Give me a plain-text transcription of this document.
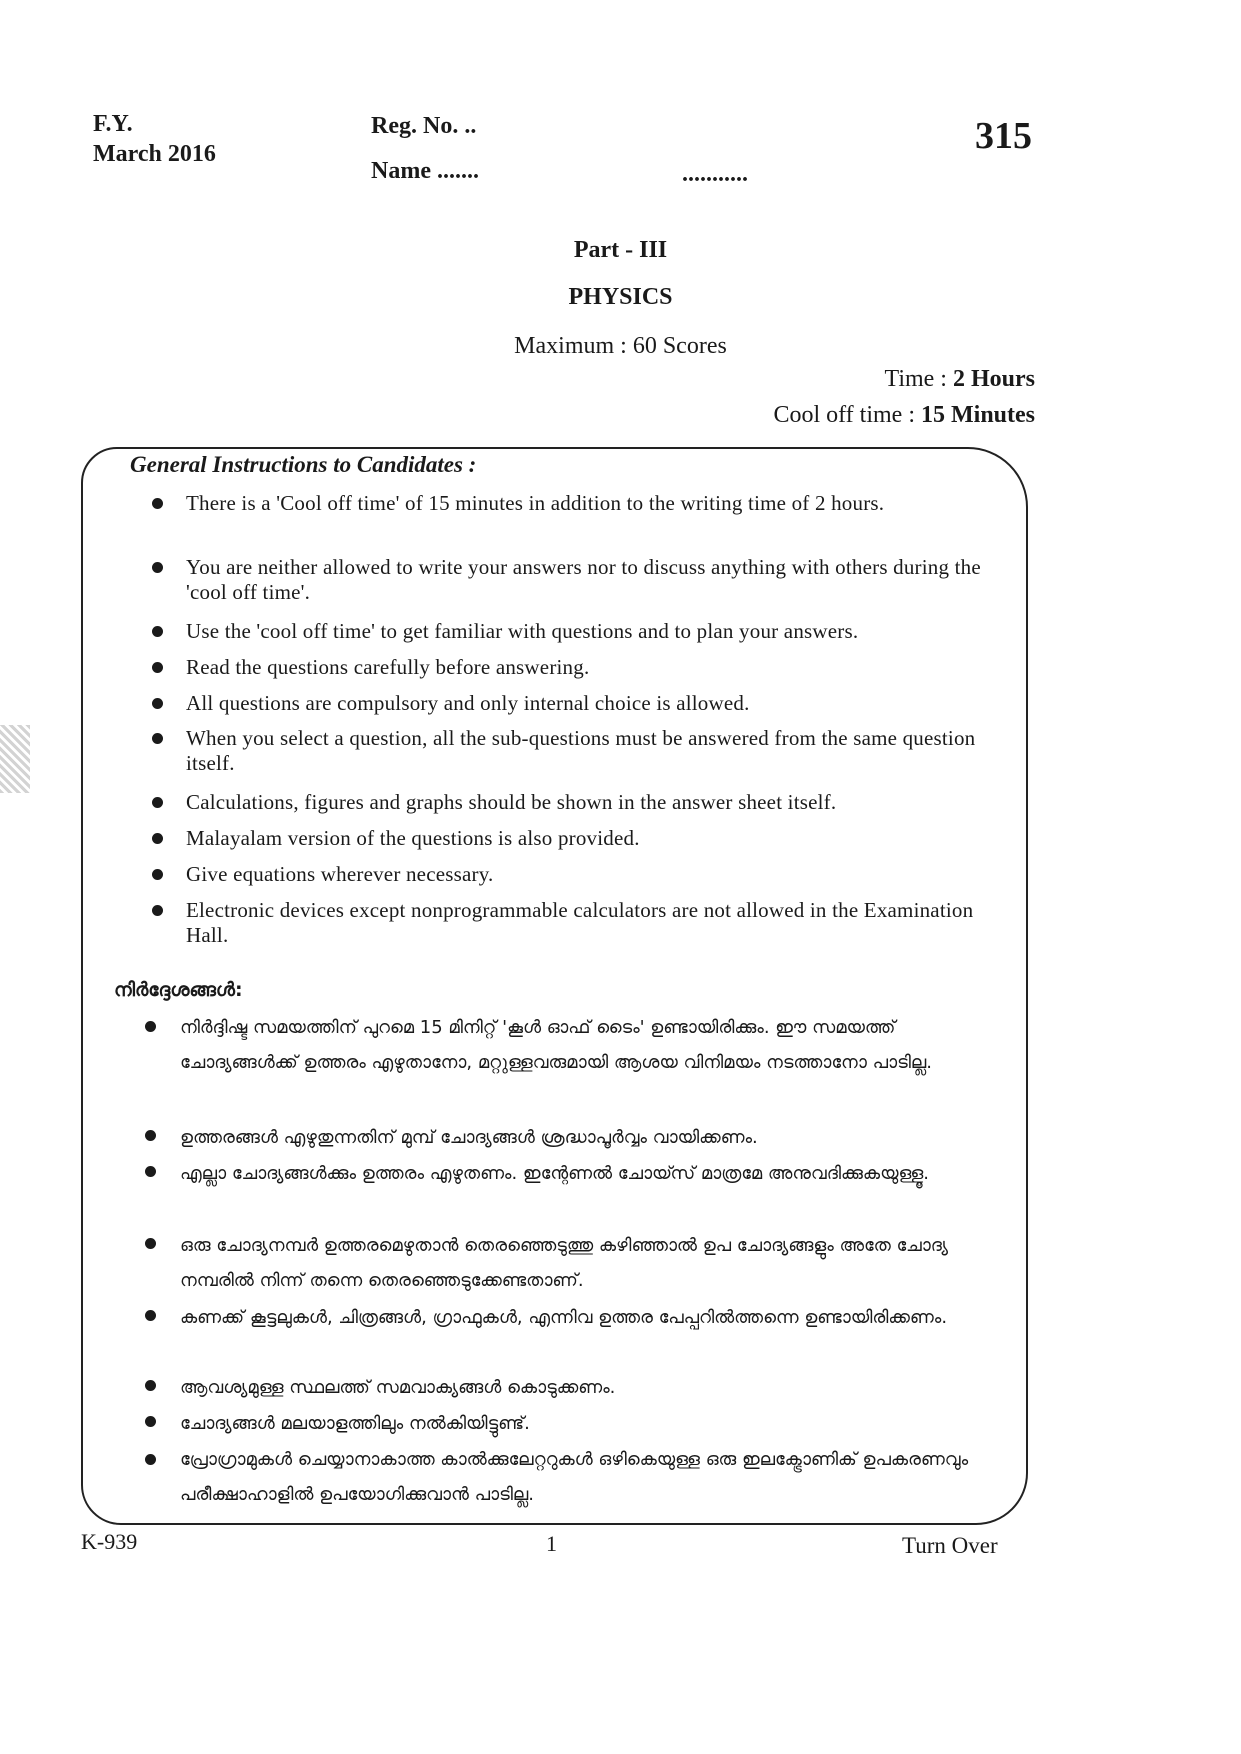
F.Y.
March 2016
Reg. No. ..
Name .......	...........
315
Part - III
PHYSICS
Maximum : 60 Scores
Time : 2 Hours
Cool off time : 15 Minutes
General Instructions to Candidates :
There is a 'Cool off time' of 15 minutes in addition to the writing time of 2 hours.
You are neither allowed to write your answers nor to discuss anything with others during the 'cool off time'.
Use the 'cool off time' to get familiar with questions and to plan your answers.
Read the questions carefully before answering.
All questions are compulsory and only internal choice is allowed.
When you select a question, all the sub-questions must be answered from the same question itself.
Calculations, figures and graphs should be shown in the answer sheet itself.
Malayalam version of the questions is also provided.
Give equations wherever necessary.
Electronic devices except nonprogrammable calculators are not allowed in the Examination Hall.
നിർദ്ദേശങ്ങൾ:
നിർദ്ദിഷ്ട സമയത്തിന് പുറമെ 15 മിനിറ്റ് 'കൂൾ ഓഫ് ടൈം' ഉണ്ടായിരിക്കും. ഈ സമയത്ത് ചോദ്യങ്ങൾക്ക് ഉത്തരം എഴുതാനോ, മറ്റുള്ളവരുമായി ആശയ വിനിമയം നടത്താനോ പാടില്ല.
ഉത്തരങ്ങൾ എഴുതുന്നതിന് മുമ്പ് ചോദ്യങ്ങൾ ശ്രദ്ധാപൂർവ്വം വായിക്കണം.
എല്ലാ ചോദ്യങ്ങൾക്കും ഉത്തരം എഴുതണം. ഇന്റേണൽ ചോയ്സ് മാത്രമേ അനുവദിക്കുകയുള്ളൂ.
ഒരു ചോദ്യനമ്പർ ഉത്തരമെഴുതാൻ തെരഞ്ഞെടുത്തു കഴിഞ്ഞാൽ ഉപ ചോദ്യങ്ങളും അതേ ചോദ്യ നമ്പരിൽ നിന്ന് തന്നെ തെരഞ്ഞെടുക്കേണ്ടതാണ്.
കണക്ക് കൂട്ടലുകൾ, ചിത്രങ്ങൾ, ഗ്രാഫുകൾ, എന്നിവ ഉത്തര പേപ്പറിൽത്തന്നെ ഉണ്ടായിരിക്കണം.
ആവശ്യമുള്ള സ്ഥലത്ത് സമവാക്യങ്ങൾ കൊടുക്കണം.
ചോദ്യങ്ങൾ മലയാളത്തിലും നൽകിയിട്ടുണ്ട്.
പ്രോഗ്രാമുകൾ ചെയ്യാനാകാത്ത കാൽക്കുലേറ്ററുകൾ ഒഴികെയുള്ള ഒരു ഇലക്ട്രോണിക് ഉപകരണവും പരീക്ഷാഹാളിൽ ഉപയോഗിക്കുവാൻ പാടില്ല.
K-939	1	Turn Over
